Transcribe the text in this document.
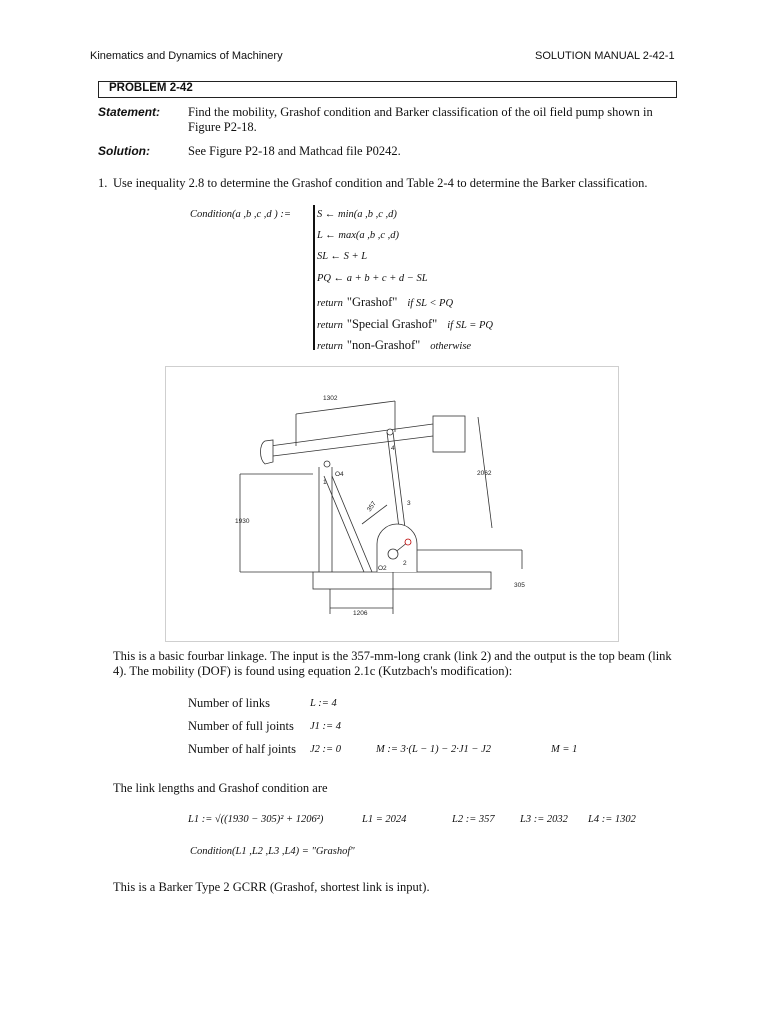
Kinematics and Dynamics of Machinery	SOLUTION MANUAL 2-42-1
PROBLEM 2-42
Statement: Find the mobility, Grashof condition and Barker classification of the oil field pump shown in
Figure P2-18.
Solution:	See Figure P2-18 and Mathcad file P0242.
1. Use inequality 2.8 to determine the Grashof condition and Table 2-4 to determine the Barker classification.
Condition(a ,b ,c ,d ) := S ← min(a ,b ,c ,d)
L ← max(a ,b ,c ,d)
SL ← S + L
PQ ← a + b + c + d − SL
return "Grashof" if SL < PQ
return "Special Grashof" if SL = PQ
return "non-Grashof" otherwise
1302
2062
1930
357
1206
305
O4
O2
2
3
4
1
This is a basic fourbar linkage. The input is the 357-mm-long crank (link 2) and the output is the top beam (link
4). The mobility (DOF) is found using equation 2.1c (Kutzbach's modification):
Number of links	L := 4
Number of full joints J1 := 4
Number of half joints J2 := 0	M := 3·(L − 1) − 2·J1 − J2	M = 1
The link lengths and Grashof condition are
L1 := √((1930 − 305)² + 1206²)	L1 = 2024	L2 := 357 L3 := 2032 L4 := 1302
Condition(L1 ,L2 ,L3 ,L4) = "Grashof"
This is a Barker Type 2 GCRR (Grashof, shortest link is input).
